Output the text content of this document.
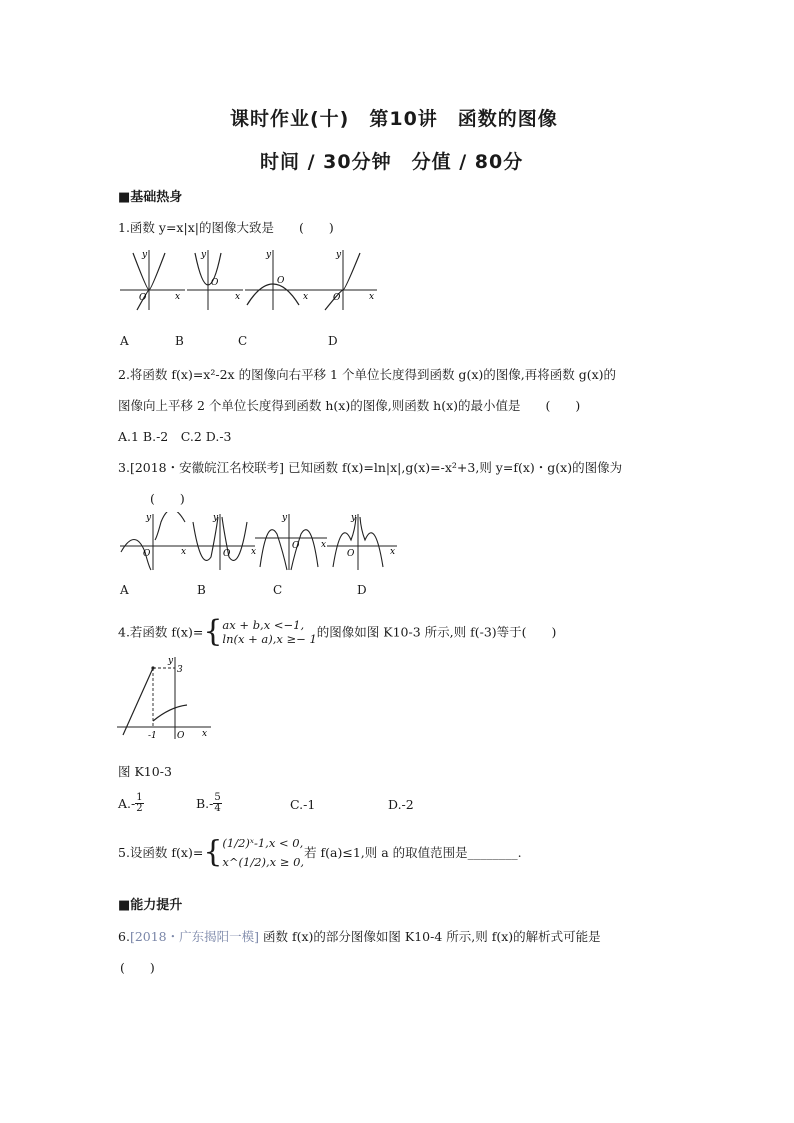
课时作业(十)　第10讲　函数的图像
时间 / 30分钟　分值 / 80分
■基础热身
1.函数 y=x|x|的图像大致是　　(　　)
y
O	x
y
O
x
y
O
x
y
O	x
A	B	C	D
2.将函数 f(x)=x²-2x 的图像向右平移 1 个单位长度得到函数 g(x)的图像,再将函数 g(x)的
图像向上平移 2 个单位长度得到函数 h(x)的图像,则函数 h(x)的最小值是　　(　　)
A.1 B.-2　C.2 D.-3
3.[2018・安徽皖江名校联考] 已知函数 f(x)=ln|x|,g(x)=-x²+3,则 y=f(x)・g(x)的图像为
(　　)
y
O	x
y
O x
y
O x
y
O	x
A	B	C	D
4.若函数 f(x)={ ax + b,x <−1,
ln(x + a),x ≥− 1 的图像如图 K10-3 所示,则 f(-3)等于(　　)
y
3
-1 O x
图 K10-3
$A.- \frac{1}{2}$	$B.- \frac{5}{4}$	C.-1	D.-2
5.设函数 f(x)={ (1/2)ˣ-1,x < 0,
x^(1/2),x ≥ 0,
若 f(a)≤1,则 a 的取值范围是________.
■能力提升
6.[2018・广东揭阳一模] 函数 f(x)的部分图像如图 K10-4 所示,则 f(x)的解析式可能是
(　　)
